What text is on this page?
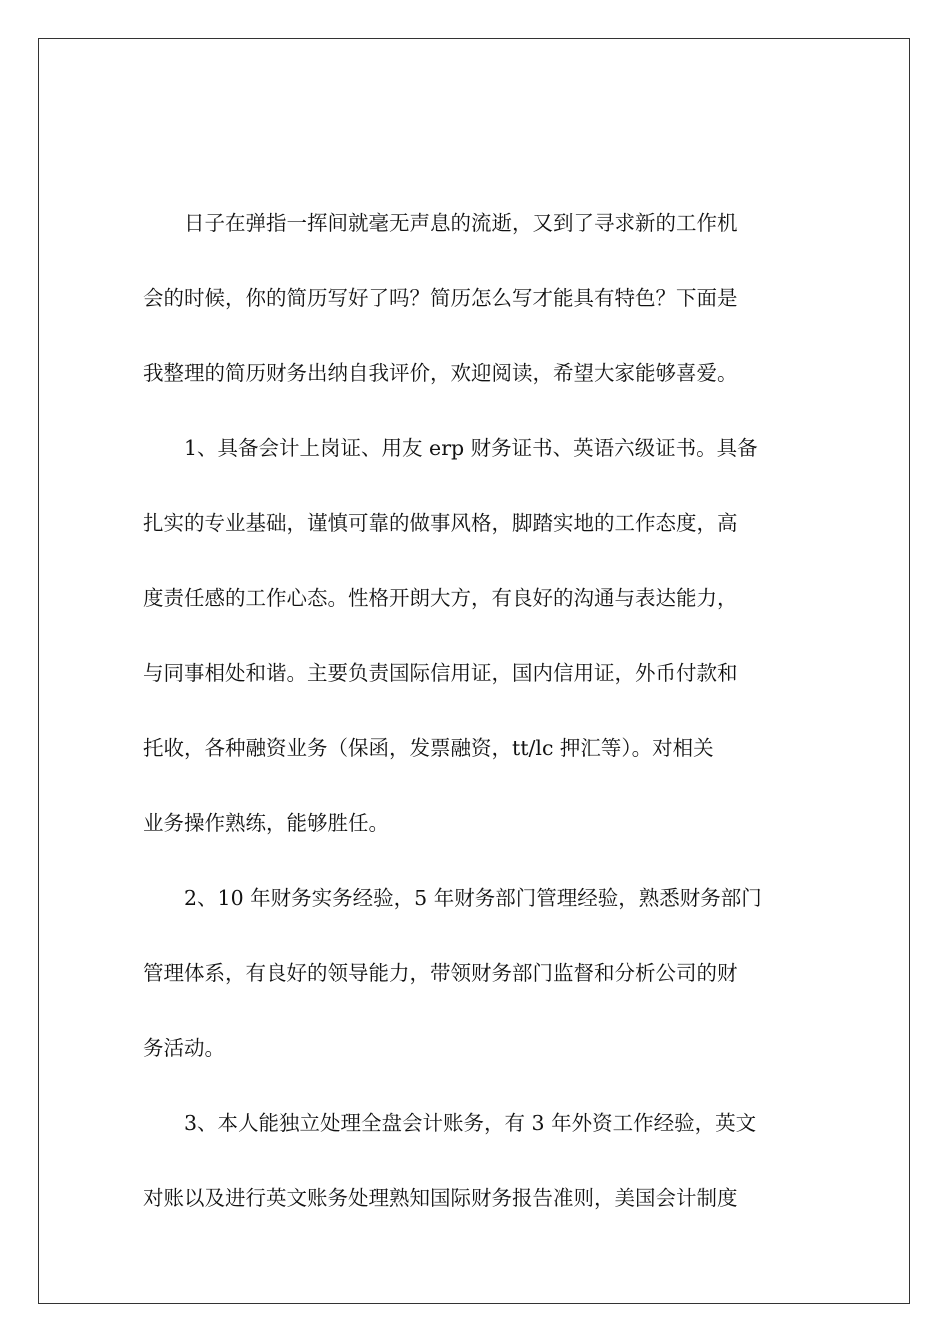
日子在弹指一挥间就毫无声息的流逝，又到了寻求新的工作机
会的时候，你的简历写好了吗？简历怎么写才能具有特色？下面是
我整理的简历财务出纳自我评价，欢迎阅读，希望大家能够喜爱。
1、具备会计上岗证、用友 erp 财务证书、英语六级证书。具备
扎实的专业基础，谨慎可靠的做事风格，脚踏实地的工作态度，高
度责任感的工作心态。性格开朗大方，有良好的沟通与表达能力，
与同事相处和谐。主要负责国际信用证，国内信用证，外币付款和
托收，各种融资业务（保函，发票融资，tt/lc 押汇等）。对相关
业务操作熟练，能够胜任。
2、10 年财务实务经验，5 年财务部门管理经验，熟悉财务部门
管理体系，有良好的领导能力，带领财务部门监督和分析公司的财
务活动。
3、本人能独立处理全盘会计账务，有 3 年外资工作经验，英文
对账以及进行英文账务处理熟知国际财务报告准则，美国会计制度
